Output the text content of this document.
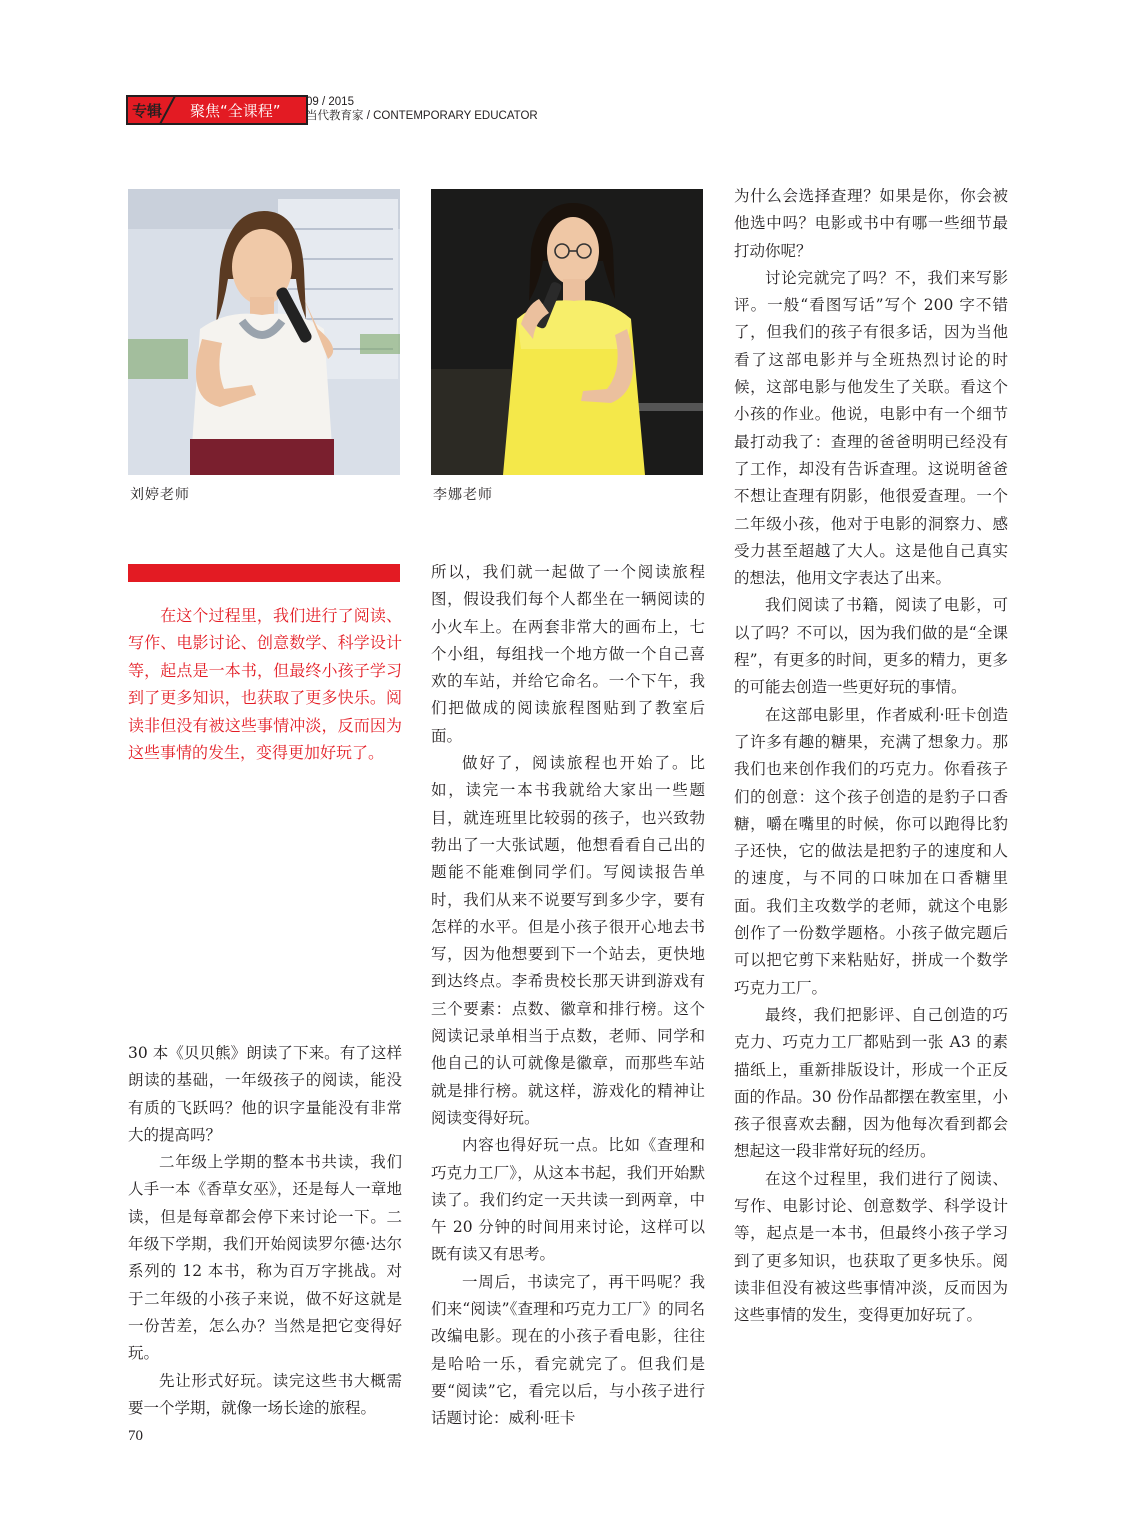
专辑 聚焦“全课程” 09 / 2015
当代教育家 / CONTEMPORARY EDUCATOR
刘婷老师	李娜老师

在这个过程里，我们进行了阅读、写作、电影讨论、创意数学、科学设计等，起点是一本书，但最终小孩子学习到了更多知识，也获取了更多快乐。阅读非但没有被这些事情冲淡，反而因为这些事情的发生，变得更加好玩了。

30 本《贝贝熊》朗读了下来。有了这样朗读的基础，一年级孩子的阅读，能没有质的飞跃吗？他的识字量能没有非常大的提高吗？

二年级上学期的整本书共读，我们人手一本《香草女巫》，还是每人一章地读，但是每章都会停下来讨论一下。二年级下学期，我们开始阅读罗尔德·达尔系列的 12 本书，称为百万字挑战。对于二年级的小孩子来说，做不好这就是一份苦差，怎么办？当然是把它变得好玩。

先让形式好玩。读完这些书大概需要一个学期，就像一场长途的旅程。

所以，我们就一起做了一个阅读旅程图，假设我们每个人都坐在一辆阅读的小火车上。在两套非常大的画布上，七个小组，每组找一个地方做一个自己喜欢的车站，并给它命名。一个下午，我们把做成的阅读旅程图贴到了教室后面。

做好了，阅读旅程也开始了。比如，读完一本书我就给大家出一些题目，就连班里比较弱的孩子，也兴致勃勃出了一大张试题，他想看看自己出的题能不能难倒同学们。写阅读报告单时，我们从来不说要写到多少字，要有怎样的水平。但是小孩子很开心地去书写，因为他想要到下一个站去，更快地到达终点。李希贵校长那天讲到游戏有三个要素：点数、徽章和排行榜。这个阅读记录单相当于点数，老师、同学和他自己的认可就像是徽章，而那些车站就是排行榜。就这样，游戏化的精神让阅读变得好玩。

内容也得好玩一点。比如《查理和巧克力工厂》，从这本书起，我们开始默读了。我们约定一天共读一到两章，中午 20 分钟的时间用来讨论，这样可以既有读又有思考。

一周后，书读完了，再干吗呢？我们来“阅读”《查理和巧克力工厂》的同名改编电影。现在的小孩子看电影，往往是哈哈一乐，看完就完了。但我们是要“阅读”它，看完以后，与小孩子进行话题讨论：威利·旺卡

为什么会选择查理？如果是你，你会被他选中吗？电影或书中有哪一些细节最打动你呢？

讨论完就完了吗？不，我们来写影评。一般“看图写话”写个 200 字不错了，但我们的孩子有很多话，因为当他看了这部电影并与全班热烈讨论的时候，这部电影与他发生了关联。看这个小孩的作业。他说，电影中有一个细节最打动我了：查理的爸爸明明已经没有了工作，却没有告诉查理。这说明爸爸不想让查理有阴影，他很爱查理。一个二年级小孩，他对于电影的洞察力、感受力甚至超越了大人。这是他自己真实的想法，他用文字表达了出来。

我们阅读了书籍，阅读了电影，可以了吗？不可以，因为我们做的是“全课程”，有更多的时间，更多的精力，更多的可能去创造一些更好玩的事情。

在这部电影里，作者威利·旺卡创造了许多有趣的糖果，充满了想象力。那我们也来创作我们的巧克力。你看孩子们的创意：这个孩子创造的是豹子口香糖，嚼在嘴里的时候，你可以跑得比豹子还快，它的做法是把豹子的速度和人的速度，与不同的口味加在口香糖里面。我们主攻数学的老师，就这个电影创作了一份数学题格。小孩子做完题后可以把它剪下来粘贴好，拼成一个数学巧克力工厂。

最终，我们把影评、自己创造的巧克力、巧克力工厂都贴到一张 A3 的素描纸上，重新排版设计，形成一个正反面的作品。30 份作品都摆在教室里，小孩子很喜欢去翻，因为他每次看到都会想起这一段非常好玩的经历。

在这个过程里，我们进行了阅读、写作、电影讨论、创意数学、科学设计等，起点是一本书，但最终小孩子学习到了更多知识，也获取了更多快乐。阅读非但没有被这些事情冲淡，反而因为这些事情的发生，变得更加好玩了。

70
